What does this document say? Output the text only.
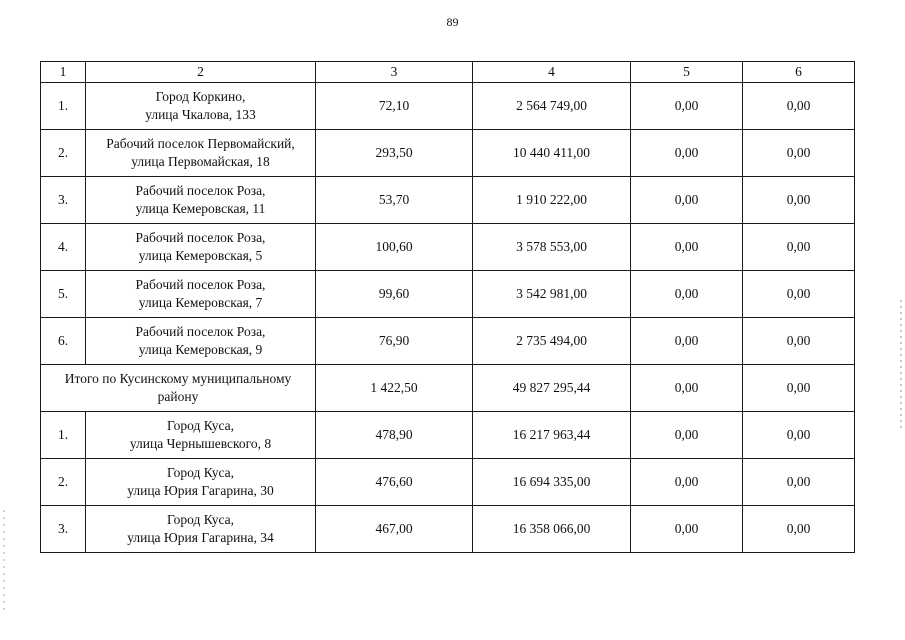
89
1	2	3	4	5	6
1.	Город Коркино,
улица Чкалова, 133	72,10	2 564 749,00	0,00	0,00
2.	Рабочий поселок Первомайский,
улица Первомайская, 18	293,50	10 440 411,00	0,00	0,00
3.	Рабочий поселок Роза,
улица Кемеровская, 11	53,70	1 910 222,00	0,00	0,00
4.	Рабочий поселок Роза,
улица Кемеровская, 5	100,60	3 578 553,00	0,00	0,00
5.	Рабочий поселок Роза,
улица Кемеровская, 7	99,60	3 542 981,00	0,00	0,00
6.	Рабочий поселок Роза,
улица Кемеровская, 9	76,90	2 735 494,00	0,00	0,00

Итого по Кусинскому муниципальному
району		1 422,50	49 827 295,44	0,00	0,00
1.	Город Куса,
улица Чернышевского, 8	478,90	16 217 963,44	0,00	0,00
2.	Город Куса,
улица Юрия Гагарина, 30	476,60	16 694 335,00	0,00	0,00
3.	Город Куса,
улица Юрия Гагарина, 34	467,00	16 358 066,00	0,00	0,00
